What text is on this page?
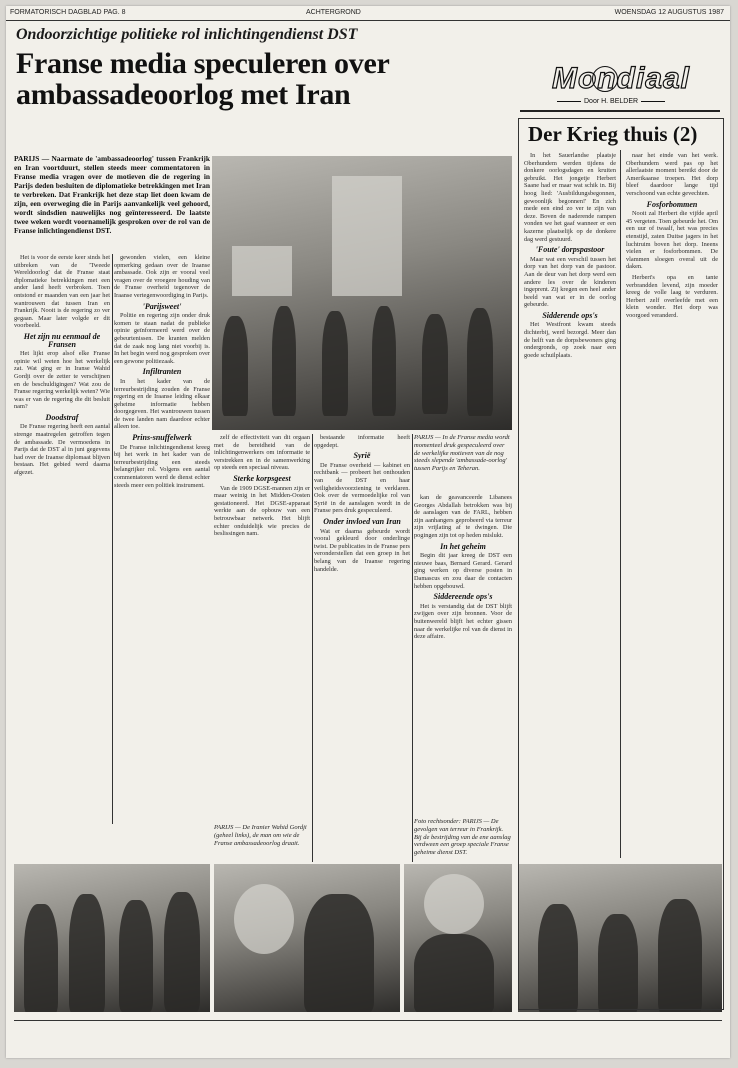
FORMATORISCH DAGBLAD PAG. 8	ACHTERGROND	WOENSDAG 12 AUGUSTUS 1987
Ondoorzichtige politieke rol inlichtingendienst DST
Franse media speculeren over
ambassadeoorlog met Iran
PARIJS — Naarmate de 'ambassadeoorlog' tussen Frankrijk en Iran voortduurt, stellen steeds meer commentatoren in Franse media vragen over de motieven die de regering in Parijs deden besluiten de diplomatieke betrekkingen met Iran te verbreken. Dat Frankrijk het deze stap liet doen kwam de zijn, een overweging die in Parijs aanvankelijk veel gehoord, wordt sindsdien nauwelijks nog geïnteresseerd. De laatste twee weken wordt voornamelijk gesproken over de rol van de Franse inlichtingendienst DST.

Het is voor de eerste keer sinds het uitbreken van de 'Tweede Wereldoorlog' dat de Franse staat diplomatieke betrekkingen met een ander land heeft verbroken. Toen ontstond er maanden van een jaar het wantrouwen dat tussen Iran en Frankrijk. Nooit is de regering zo ver gegaan. Maar later volgde er dit voorbeeld.

Het zijn nu eenmaal de Fransen

Het lijkt erop alsof elke Franse opinie wil weten hoe het werkelijk zat. Wat ging er in Iranse Wahid Gordji over de zetter te verschijnen en de beschuldigingen? Wat zou de Franse regering werkelijk weten? Wie was er van de regering die dit besluit nam?

Doodstraf

De Franse regering heeft een aantal strenge maatregelen getroffen tegen de ambassade. De vermoedens in Parijs dat de DST al in juni gegevens had over de Iraanse diplomaat blijven bestaan. Het gebied werd daarna afgezet.

gewonden vielen, een kleine opmerking gedaan over de Iraanse ambassade. Ook zijn er vooral veel vragen over de vroegere houding van de Franse overheid tegenover de Iraanse vertegenwoordiging in Parijs.

'Parijsweet'

Politie en regering zijn onder druk komen te staan nadat de publieke opinie geïnformeerd werd over de gebeurtenissen. De kranten melden dat de zaak nog lang niet voorbij is. In het begin werd nog gesproken over een gewone politiezaak.

Infiltranten

In het kader van de terreurbestrijding zouden de Franse regering en de Iraanse leiding elkaar geheime informatie hebben doorgegeven. Het wantrouwen tussen de twee landen nam daardoor echter alleen toe.

Prins-snuffelwerk

De Franse inlichtingendienst kreeg bij het werk in het kader van de terreurbestrijding een steeds belangrijker rol. Volgens een aantal commentatoren werd de dienst echter steeds meer een politiek instrument.

zelf de effectiviteit van dit orgaan met de bereidheid van de inlichtingenwerkers om informatie te verstrekken en in de samenwerking op steeds een speciaal niveau.

Sterke korpsgeest

Van de 1909 DGSE-mannen zijn er maar weinig in het Midden-Oosten gestationeerd. Het DGSE-apparaat werkte aan de opbouw van een betrouwbaar netwerk. Het blijft echter onduidelijk wie precies de beslissingen nam.

PARIJS — De Iranier Wahid Gordji (geheel links), de man om wie de Franse ambassadeoorlog draait.

bestaande informatie heeft opgedept.

Syrië

De Franse overheid — kabinet en rechtbank — probeert het onthouden van de DST en haar veiligheidsvoorziening te verklaren. Ook over de vermoedelijke rol van Syrië in de aanslagen wordt in de Franse pers druk gespeculeerd.

Onder invloed van Iran

Wat er daarna gebeurde wordt vooral gekleurd door onderlinge twist. De publicaties in de Franse pers veronderstellen dat een groep in het belang van de Iraanse regering handelde.

PARIJS — In de Franse media wordt momenteel druk gespeculeerd over de werkelijke motieven van de nog steeds slepende 'ambassade-oorlog' tussen Parijs en Teheran.

kan de geavanceerde Libanees Georges Abdallah betrokken was bij de aanslagen van de FARL, hebben zijn aanhangers geprobeerd via terreur zijn vrijlating af te dwingen. Die pogingen zijn tot op heden mislukt.

In het geheim

Begin dit jaar kreeg de DST een nieuwe baas, Bernard Gerard. Gerard ging werken op diverse posten in Damascus en zou daar de contacten hebben opgebouwd.

Siddereende ops's

Het is verstandig dat de DST blijft zwijgen over zijn bronnen. Voor de buitenwereld blijft het echter gissen naar de werkelijke rol van de dienst in deze affaire.

Foto rechtsonder: PARIJS — De gevolgen van terreur in Frankrijk. Bij de bestrijding van de ene aanslag verdween een groep speciale Franse geheime dienst DST.
Mondiaal
Door H. BELDER
Der Krieg thuis (2)

In het Sauerlandse plaatsje Oberhundem werden tijdens de donkere oorlogsdagen en kruiten gebruikt. Het jongetje Herbert Saane had er maar wat schik in. Bij hoog lied: 'Ausbildungsbegonnen, gewoonlijk begonnen!' En zich mede een eind zo ver te zijn van deze. Boven de naderende rampen vonden we het gaaf wanneer er een kazerne plaatselijk op de donkere dag werd gestuurd.

'Foute' dorpspastoor

Maar wat een verschil tussen het dorp van het dorp van de pastoor. Aan de deur van het dorp werd een andere les over de kinderen ingeprent. Zij kregen een heel ander beeld van wat er in de oorlog gebeurde.

Sidderende ops's

Het Westfront kwam steeds dichterbij, werd bezorgd. Meer dan de helft van de dorpsbewoners ging ondergronds, op zoek naar een goede schuilplaats.

naar het einde van het werk. Oberhundem werd pas op het allerlaatste moment bereikt door de Amerikaanse troepen. Het dorp bleef daardoor lange tijd verschoond van echte gevechten.

Fosforbommen

Nooit zal Herbert die vijfde april 45 vergeten. Toen gebeurde het. Om een uur of twaalf, het was precies etenstijd, zaten Duitse jagers in het luchtruim boven het dorp. Ineens vielen er fosforbommen. De vlammen sloegen overal uit de daken.

Herbert's opa en tante verbrandden levend, zijn moeder kreeg de volle laag te verduren. Herbert zelf overleefde met een klein wonder. Het dorp was voorgoed veranderd.
